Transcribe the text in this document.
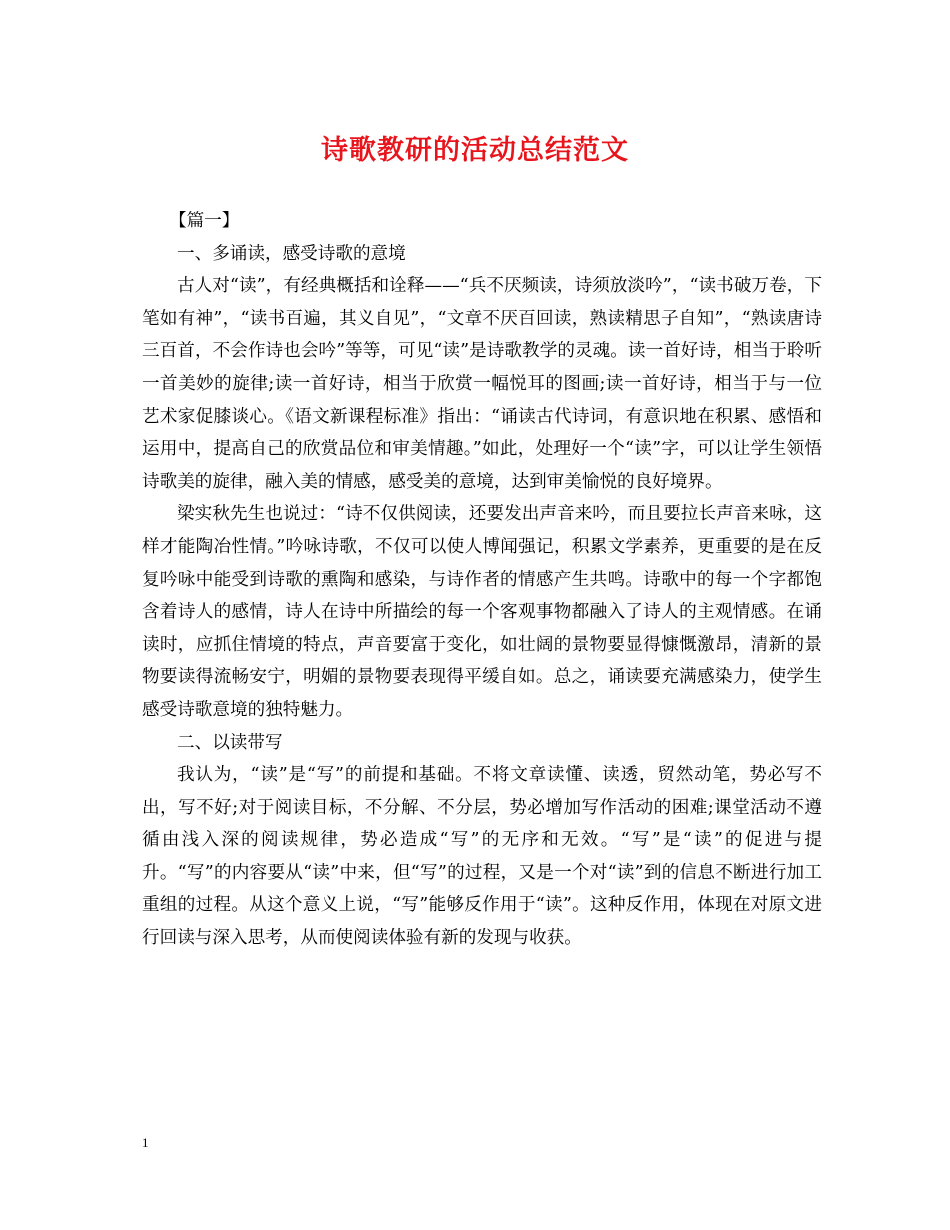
诗歌教研的活动总结范文

【篇一】

一、多诵读，感受诗歌的意境

古人对“读”，有经典概括和诠释——“兵不厌频读，诗须放淡吟”，“读书破万卷，下笔如有神”，“读书百遍，其义自见”，“文章不厌百回读，熟读精思子自知”，“熟读唐诗三百首，不会作诗也会吟”等等，可见“读”是诗歌教学的灵魂。读一首好诗，相当于聆听一首美妙的旋律;读一首好诗，相当于欣赏一幅悦耳的图画;读一首好诗，相当于与一位艺术家促膝谈心。《语文新课程标准》指出：“诵读古代诗词，有意识地在积累、感悟和运用中，提高自己的欣赏品位和审美情趣。”如此，处理好一个“读”字，可以让学生领悟诗歌美的旋律，融入美的情感，感受美的意境，达到审美愉悦的良好境界。

梁实秋先生也说过：“诗不仅供阅读，还要发出声音来吟，而且要拉长声音来咏，这样才能陶冶性情。”吟咏诗歌，不仅可以使人博闻强记，积累文学素养，更重要的是在反复吟咏中能受到诗歌的熏陶和感染，与诗作者的情感产生共鸣。诗歌中的每一个字都饱含着诗人的感情，诗人在诗中所描绘的每一个客观事物都融入了诗人的主观情感。在诵读时，应抓住情境的特点，声音要富于变化，如壮阔的景物要显得慷慨激昂，清新的景物要读得流畅安宁，明媚的景物要表现得平缓自如。总之，诵读要充满感染力，使学生感受诗歌意境的独特魅力。

二、以读带写

我认为，“读”是“写”的前提和基础。不将文章读懂、读透，贸然动笔，势必写不出，写不好;对于阅读目标，不分解、不分层，势必增加写作活动的困难;课堂活动不遵循由浅入深的阅读规律，势必造成“写”的无序和无效。“写”是“读”的促进与提升。“写”的内容要从“读”中来，但“写”的过程，又是一个对“读”到的信息不断进行加工重组的过程。从这个意义上说，“写”能够反作用于“读”。这种反作用，体现在对原文进行回读与深入思考，从而使阅读体验有新的发现与收获。

1
